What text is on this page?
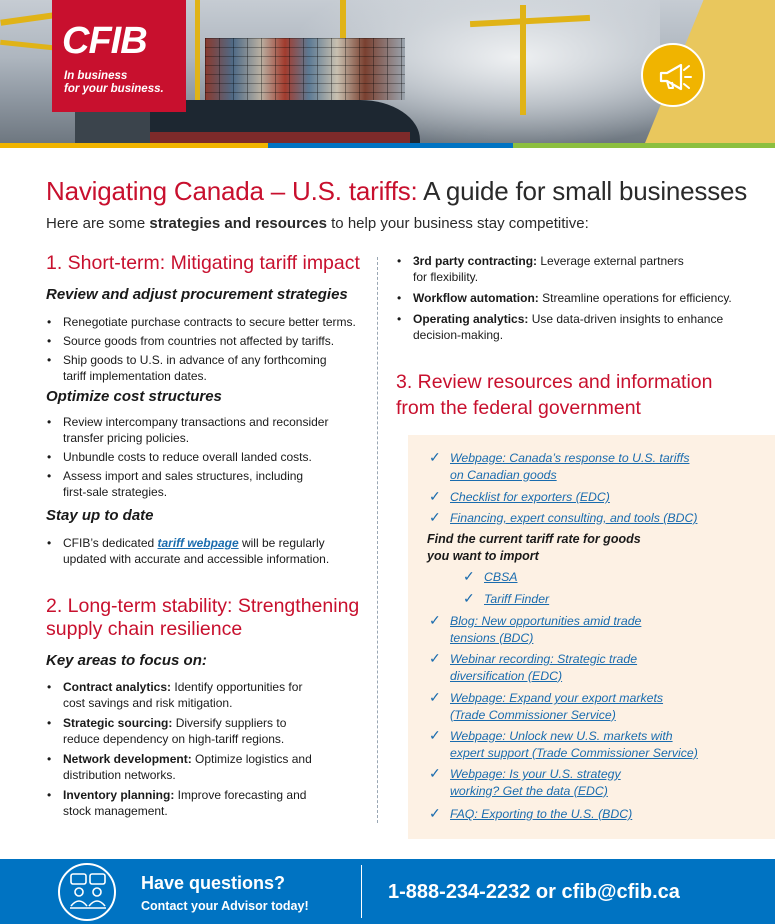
CFIB
In business
for your business.
Navigating Canada – U.S. tariffs: A guide for small businesses
Here are some strategies and resources to help your business stay competitive:
1. Short-term: Mitigating tariff impact
Review and adjust procurement strategies
• Renegotiate purchase contracts to secure better terms.
• Source goods from countries not affected by tariffs.
• Ship goods to U.S. in advance of any forthcoming tariff implementation dates.
Optimize cost structures
• Review intercompany transactions and reconsider transfer pricing policies.
• Unbundle costs to reduce overall landed costs.
• Assess import and sales structures, including first-sale strategies.
Stay up to date
• CFIB’s dedicated tariff webpage will be regularly updated with accurate and accessible information.
2. Long-term stability: Strengthening
supply chain resilience
Key areas to focus on:
• Contract analytics: Identify opportunities for cost savings and risk mitigation.
• Strategic sourcing: Diversify suppliers to reduce dependency on high-tariff regions.
• Network development: Optimize logistics and distribution networks.
• Inventory planning: Improve forecasting and stock management.
• 3rd party contracting: Leverage external partners for flexibility.
• Workflow automation: Streamline operations for efficiency.
• Operating analytics: Use data-driven insights to enhance decision-making.
3. Review resources and information
from the federal government
✓ Webpage: Canada’s response to U.S. tariffs on Canadian goods
✓ Checklist for exporters (EDC)
✓ Financing, expert consulting, and tools (BDC)
Find the current tariff rate for goods
you want to import
✓ CBSA
✓ Tariff Finder
✓ Blog: New opportunities amid trade tensions (BDC)
✓ Webinar recording: Strategic trade diversification (EDC)
✓ Webpage: Expand your export markets (Trade Commissioner Service)
✓ Webpage: Unlock new U.S. markets with expert support (Trade Commissioner Service)
✓ Webpage: Is your U.S. strategy working? Get the data (EDC)
✓ FAQ: Exporting to the U.S. (BDC)
Have questions?
Contact your Advisor today!
1-888-234-2232 or cfib@cfib.ca
